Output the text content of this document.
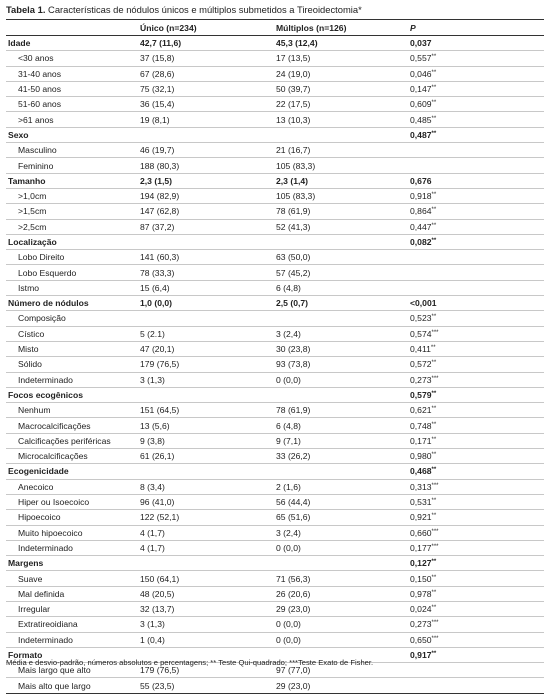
Tabela 1. Características de nódulos únicos e múltiplos submetidos a Tireoidectomia*
	Único (n=234)	Múltiplos (n=126)	P
Idade	42,7 (11,6)	45,3 (12,4)	0,037
<30 anos	37 (15,8)	17 (13,5)	0,557**
31-40 anos	67 (28,6)	24 (19,0)	0,046**
41-50 anos	75 (32,1)	50 (39,7)	0,147**
51-60 anos	36 (15,4)	22 (17,5)	0,609**
>61 anos	19 (8,1)	13 (10,3)	0,485**
Sexo			0,487**
Masculino	46 (19,7)	21 (16,7)	
Feminino	188 (80,3)	105 (83,3)	
Tamanho	2,3 (1,5)	2,3 (1,4)	0,676
>1,0cm	194 (82,9)	105 (83,3)	0,918**
>1,5cm	147 (62,8)	78 (61,9)	0,864**
>2,5cm	87 (37,2)	52 (41,3)	0,447**
Localização			0,082**
Lobo Direito	141 (60,3)	63 (50,0)	
Lobo Esquerdo	78 (33,3)	57 (45,2)	
Istmo	15 (6,4)	6 (4,8)	
Número de nódulos	1,0 (0,0)	2,5 (0,7)	<0,001
Composição			0,523**
Cístico	5 (2.1)	3 (2,4)	0,574***
Misto	47 (20,1)	30 (23,8)	0,411**
Sólido	179 (76,5)	93 (73,8)	0,572**
Indeterminado	3 (1,3)	0 (0,0)	0,273***
Focos ecogênicos			0,579**
Nenhum	151 (64,5)	78 (61,9)	0,621**
Macrocalcificações	13 (5,6)	6 (4,8)	0,748**
Calcificações periféricas	9 (3,8)	9 (7,1)	0,171**
Microcalcificações	61 (26,1)	33 (26,2)	0,980**
Ecogenicidade			0,468**
Anecoico	8 (3,4)	2 (1,6)	0,313***
Hiper ou Isoecoico	96 (41,0)	56 (44,4)	0,531**
Hipoecoico	122 (52,1)	65 (51,6)	0,921**
Muito hipoecoico	4 (1,7)	3 (2,4)	0,660***
Indeterminado	4 (1,7)	0 (0,0)	0,177***
Margens			0,127**
Suave	150 (64,1)	71 (56,3)	0,150**
Mal definida	48 (20,5)	26 (20,6)	0,978**
Irregular	32 (13,7)	29 (23,0)	0,024**
Extratireoidiana	3 (1,3)	0 (0,0)	0,273***
Indeterminado	1 (0,4)	0 (0,0)	0,650***
Formato			0,917**
Mais largo que alto	179 (76,5)	97 (77,0)	
Mais alto que largo	55 (23,5)	29 (23,0)	
Média e desvio-padrão, números absolutos e percentagens; ** Teste Qui-quadrado; ***Teste Exato de Fisher.
